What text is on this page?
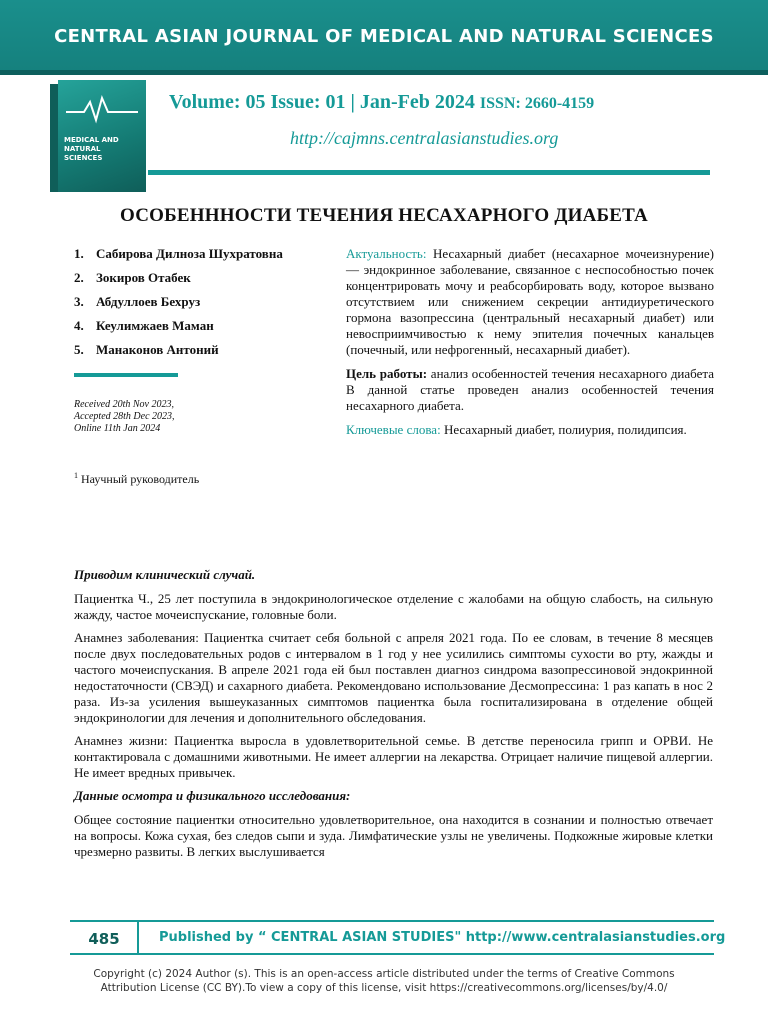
CENTRAL ASIAN JOURNAL OF MEDICAL AND NATURAL SCIENCES
MEDICAL AND NATURAL SCIENCES
Volume: 05 Issue: 01 | Jan-Feb 2024 ISSN: 2660-4159
http://cajmns.centralasianstudies.org
ОСОБЕНННОСТИ ТЕЧЕНИЯ НЕСАХАРНОГО ДИАБЕТА
1. Сабирова Дилноза Шухратовна
2. Зокиров Отабек
3. Абдуллоев Бехруз
4. Кеулимжаев Маман
5. Манаконов Антоний
Received 20th Nov 2023,
Accepted 28th Dec 2023,
Online 11th Jan 2024
$^1$ Научный руководитель

Актуальность: Несахарный диабет (несахарное мочеизнурение) — эндокринное заболевание, связанное с неспособностью почек концентрировать мочу и реабсорбировать воду, которое вызвано отсутствием или снижением секреции антидиуретического гормона вазопрессина (центральный несахарный диабет) или невосприимчивостью к нему эпителия почечных канальцев (почечный, или нефрогенный, несахарный диабет).

Цель работы: анализ особенностей течения несахарного диабета В данной статье проведен анализ особенностей течения несахарного диабета.

Ключевые слова: Несахарный диабет, полиурия, полидипсия.

Приводим клинический случай.

Пациентка Ч., 25 лет поступила в эндокринологическое отделение с жалобами на общую слабость, на сильную жажду, частое мочеиспускание, головные боли.

Анамнез заболевания: Пациентка считает себя больной с апреля 2021 года. По ее словам, в течение 8 месяцев после двух последовательных родов с интервалом в 1 год у нее усилились симптомы сухости во рту, жажды и частого мочеиспускания. В апреле 2021 года ей был поставлен диагноз синдрома вазопрессиновой эндокринной недостаточности (СВЭД) и сахарного диабета. Рекомендовано использование Десмопрессина: 1 раз капать в нос 2 раза. Из-за усиления вышеуказанных симптомов пациентка была госпитализирована в отделение общей эндокринологии для лечения и дополнительного обследования.

Анамнез жизни: Пациентка выросла в удовлетворительной семье. В детстве переносила грипп и ОРВИ. Не контактировала с домашними животными. Не имеет аллергии на лекарства. Отрицает наличие пищевой аллергии. Не имеет вредных привычек.

Данные осмотра и физикального исследования:

Общее состояние пациентки относительно удовлетворительное, она находится в сознании и полностью отвечает на вопросы. Кожа сухая, без следов сыпи и зуда. Лимфатические узлы не увеличены. Подкожные жировые клетки чрезмерно развиты. В легких выслушивается

485	Published by “ CENTRAL ASIAN STUDIES" http://www.centralasianstudies.org
Copyright (c) 2024 Author (s). This is an open-access article distributed under the terms of Creative Commons
Attribution License (CC BY).To view a copy of this license, visit https://creativecommons.org/licenses/by/4.0/
